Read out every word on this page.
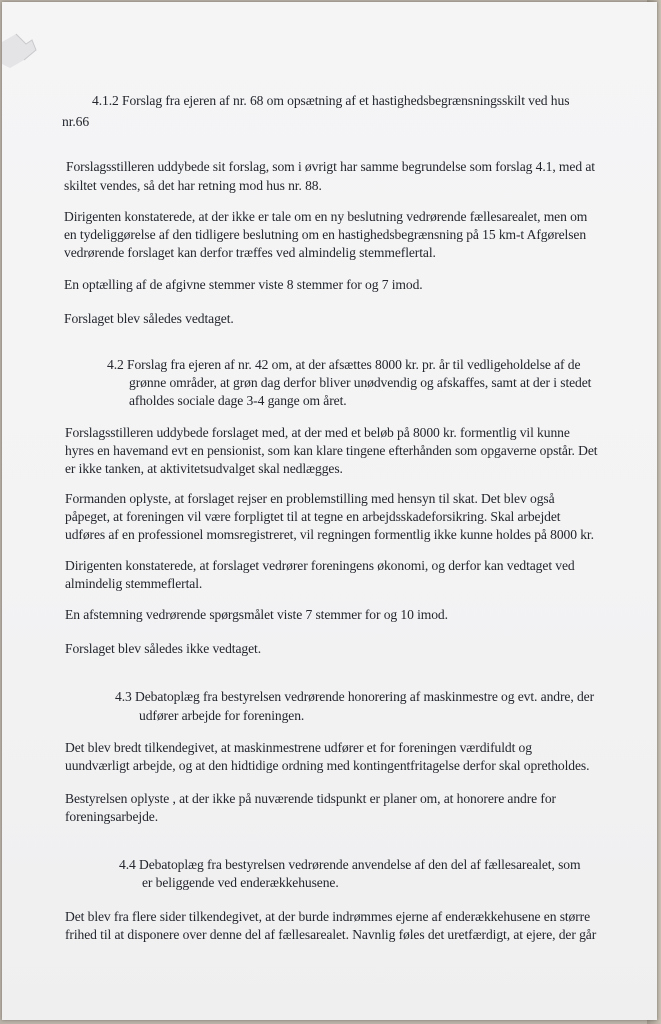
4.1.2 Forslag fra ejeren af nr. 68 om opsætning af et hastighedsbegrænsningsskilt ved hus
nr.66
Forslagsstilleren uddybede sit forslag, som i øvrigt har samme begrundelse som forslag 4.1, med at
skiltet vendes, så det har retning mod hus nr. 88.
Dirigenten konstaterede, at der ikke er tale om en ny beslutning vedrørende fællesarealet, men om
en tydeliggørelse af den tidligere beslutning om en hastighedsbegrænsning på 15 km-t Afgørelsen
vedrørende forslaget kan derfor træffes ved almindelig stemmeflertal.
En optælling af de afgivne stemmer viste 8 stemmer for og 7 imod.
Forslaget blev således vedtaget.
4.2 Forslag fra ejeren af nr. 42 om, at der afsættes 8000 kr. pr. år til vedligeholdelse af de
grønne områder, at grøn dag derfor bliver unødvendig og afskaffes, samt at der i stedet
afholdes sociale dage 3-4 gange om året.
Forslagsstilleren uddybede forslaget med, at der med et beløb på 8000 kr. formentlig vil kunne
hyres en havemand evt en pensionist, som kan klare tingene efterhånden som opgaverne opstår. Det
er ikke tanken, at aktivitetsudvalget skal nedlægges.
Formanden oplyste, at forslaget rejser en problemstilling med hensyn til skat. Det blev også
påpeget, at foreningen vil være forpligtet til at tegne en arbejdsskadeforsikring. Skal arbejdet
udføres af en professionel momsregistreret, vil regningen formentlig ikke kunne holdes på 8000 kr.
Dirigenten konstaterede, at forslaget vedrører foreningens økonomi, og derfor kan vedtaget ved
almindelig stemmeflertal.
En afstemning vedrørende spørgsmålet viste 7 stemmer for og 10 imod.
Forslaget blev således ikke vedtaget.
4.3 Debatoplæg fra bestyrelsen vedrørende honorering af maskinmestre og evt. andre, der
udfører arbejde for foreningen.
Det blev bredt tilkendegivet, at maskinmestrene udfører et for foreningen værdifuldt og
uundværligt arbejde, og at den hidtidige ordning med kontingentfritagelse derfor skal opretholdes.
Bestyrelsen oplyste , at der ikke på nuværende tidspunkt er planer om, at honorere andre for
foreningsarbejde.
4.4 Debatoplæg fra bestyrelsen vedrørende anvendelse af den del af fællesarealet, som
er beliggende ved enderækkehusene.
Det blev fra flere sider tilkendegivet, at der burde indrømmes ejerne af enderækkehusene en større
frihed til at disponere over denne del af fællesarealet. Navnlig føles det uretfærdigt, at ejere, der går
